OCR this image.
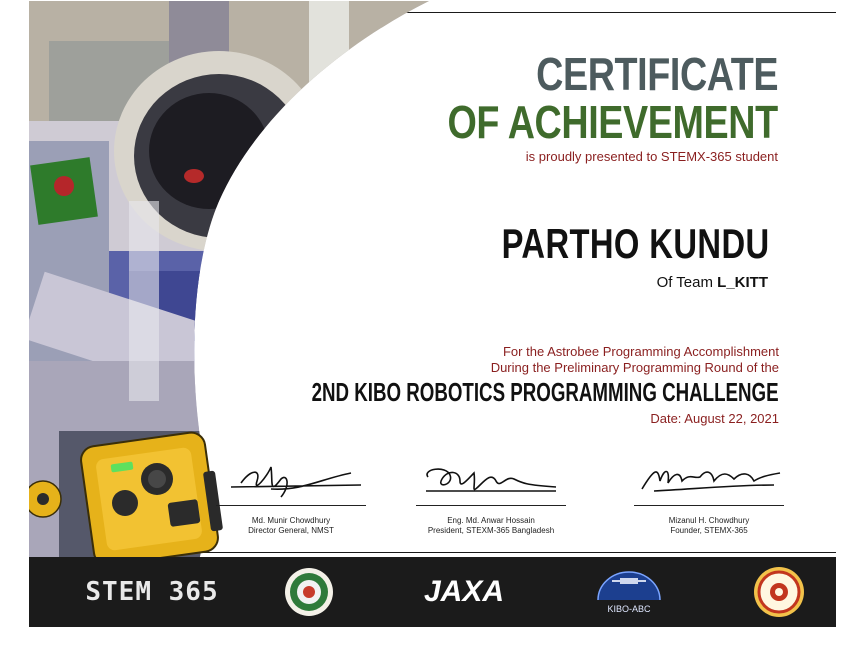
CERTIFICATE
OF ACHIEVEMENT
is proudly presented to STEMX-365 student
PARTHO KUNDU
Of Team L_KITT
For the Astrobee Programming Accomplishment
During the Preliminary Programming Round of the
2ND KIBO ROBOTICS PROGRAMMING CHALLENGE
Date: August 22, 2021
Md. Munir Chowdhury
Director General, NMST
Eng. Md. Anwar Hossain
President, STEXM-365 Bangladesh
Mizanul H. Chowdhury
Founder, STEMX-365
STEM 365	JAXA
KIBO-ABC
